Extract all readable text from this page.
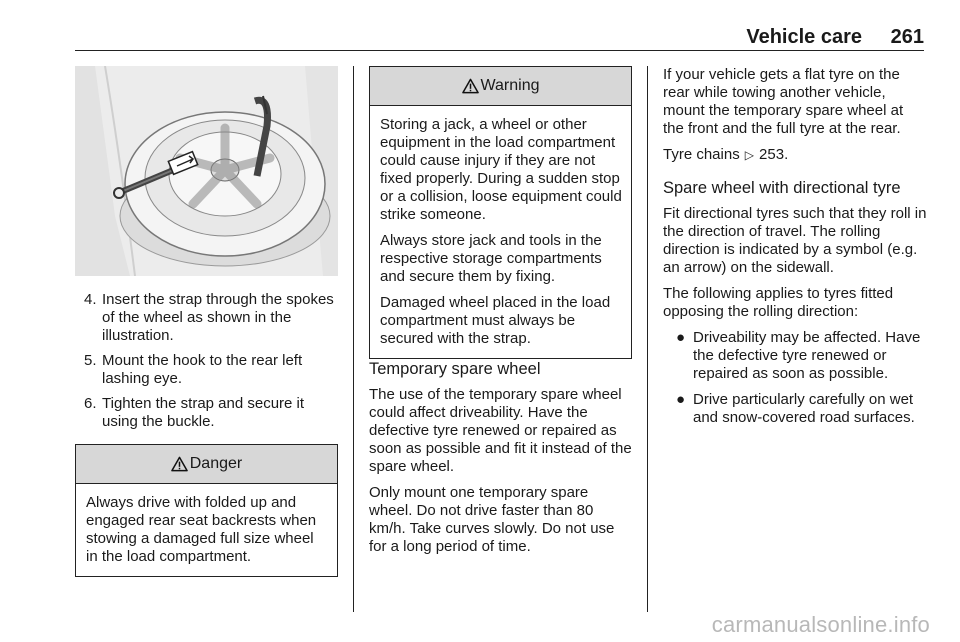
Vehicle care 261
4. Insert the strap through the spokes of the wheel as shown in the illustration.
5. Mount the hook to the rear left lashing eye.
6. Tighten the strap and secure it using the buckle.
Danger

Always drive with folded up and engaged rear seat backrests when stowing a damaged full size wheel in the load compartment.

Warning

Storing a jack, a wheel or other equipment in the load compartment could cause injury if they are not fixed properly. During a sudden stop or a collision, loose equipment could strike someone.

Always store jack and tools in the respective storage compartments and secure them by fixing.

Damaged wheel placed in the load compartment must always be secured with the strap.

Temporary spare wheel

The use of the temporary spare wheel could affect driveability. Have the defective tyre renewed or repaired as soon as possible and fit it instead of the spare wheel.

Only mount one temporary spare wheel. Do not drive faster than 80 km/h. Take curves slowly. Do not use for a long period of time.

If your vehicle gets a flat tyre on the rear while towing another vehicle, mount the temporary spare wheel at the front and the full tyre at the rear.

Tyre chains ▷ 253.

Spare wheel with directional tyre

Fit directional tyres such that they roll in the direction of travel. The rolling direction is indicated by a symbol (e.g. an arrow) on the sidewall.

The following applies to tyres fitted opposing the rolling direction:

● Driveability may be affected. Have the defective tyre renewed or repaired as soon as possible.
● Drive particularly carefully on wet and snow-covered road surfaces.
carmanualsonline.info
